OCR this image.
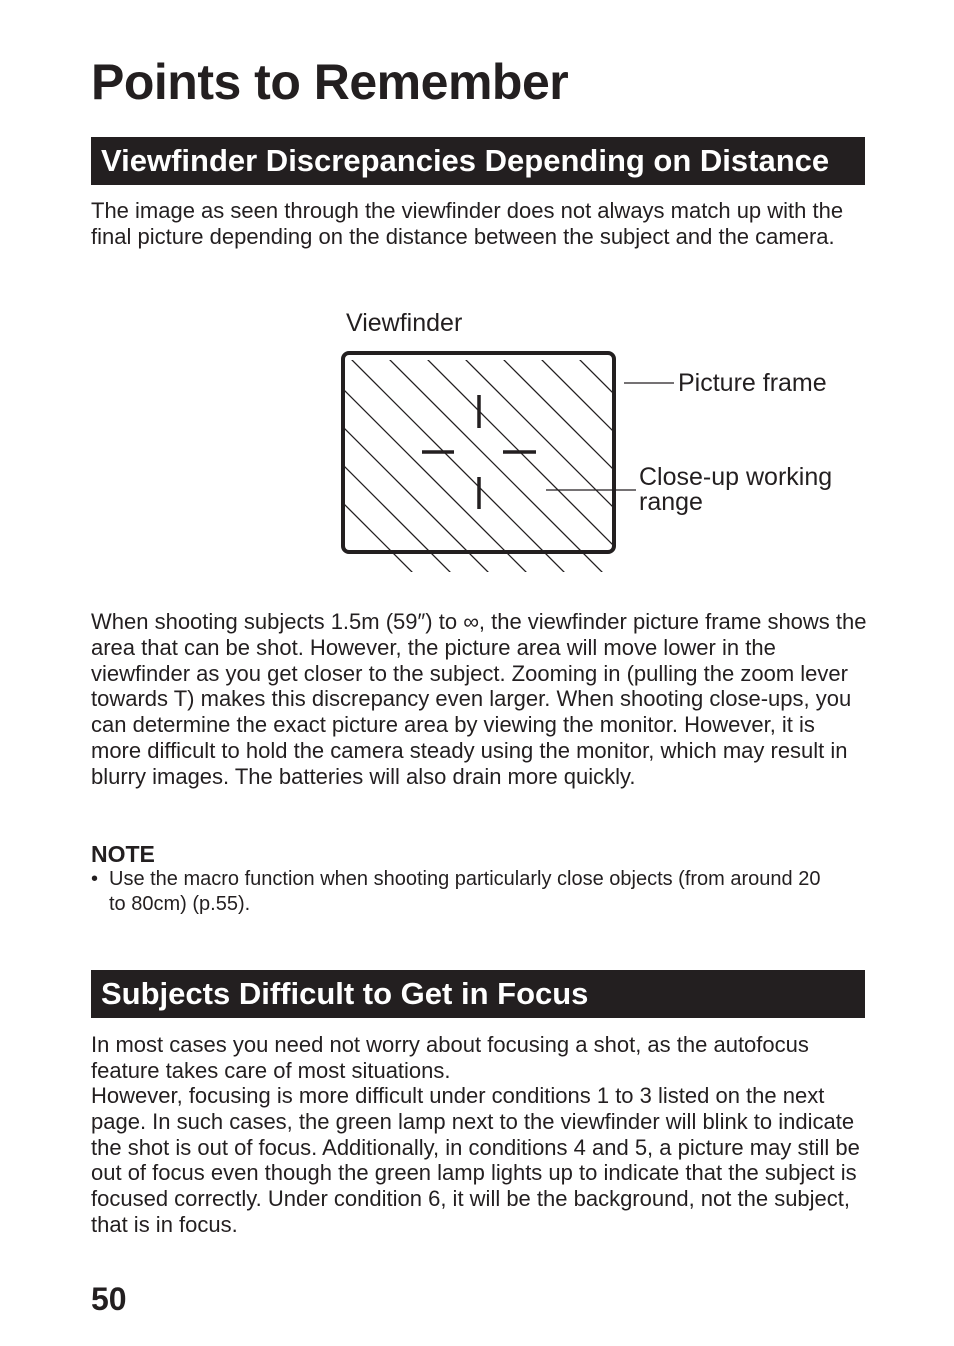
Points to Remember
Viewfinder Discrepancies Depending on Distance

The image as seen through the viewfinder does not always match up with the final picture depending on the distance between the subject and the camera.

Viewfinder
Picture frame
Close-up working
range

When shooting subjects 1.5m (59″) to ∞, the viewfinder picture frame shows the area that can be shot. However, the picture area will move lower in the viewfinder as you get closer to the subject. Zooming in (pulling the zoom lever towards T) makes this discrepancy even larger. When shooting close-ups, you can determine the exact picture area by viewing the monitor. However, it is more difficult to hold the camera steady using the monitor, which may result in blurry images. The batteries will also drain more quickly.

NOTE
• Use the macro function when shooting particularly close objects (from around 20 to 80cm) (p.55).
Subjects Difficult to Get in Focus

In most cases you need not worry about focusing a shot, as the autofocus feature takes care of most situations.

However, focusing is more difficult under conditions 1 to 3 listed on the next page. In such cases, the green lamp next to the viewfinder will blink to indicate the shot is out of focus. Additionally, in conditions 4 and 5, a picture may still be out of focus even though the green lamp lights up to indicate that the subject is focused correctly. Under condition 6, it will be the background, not the subject, that is in focus.

50
